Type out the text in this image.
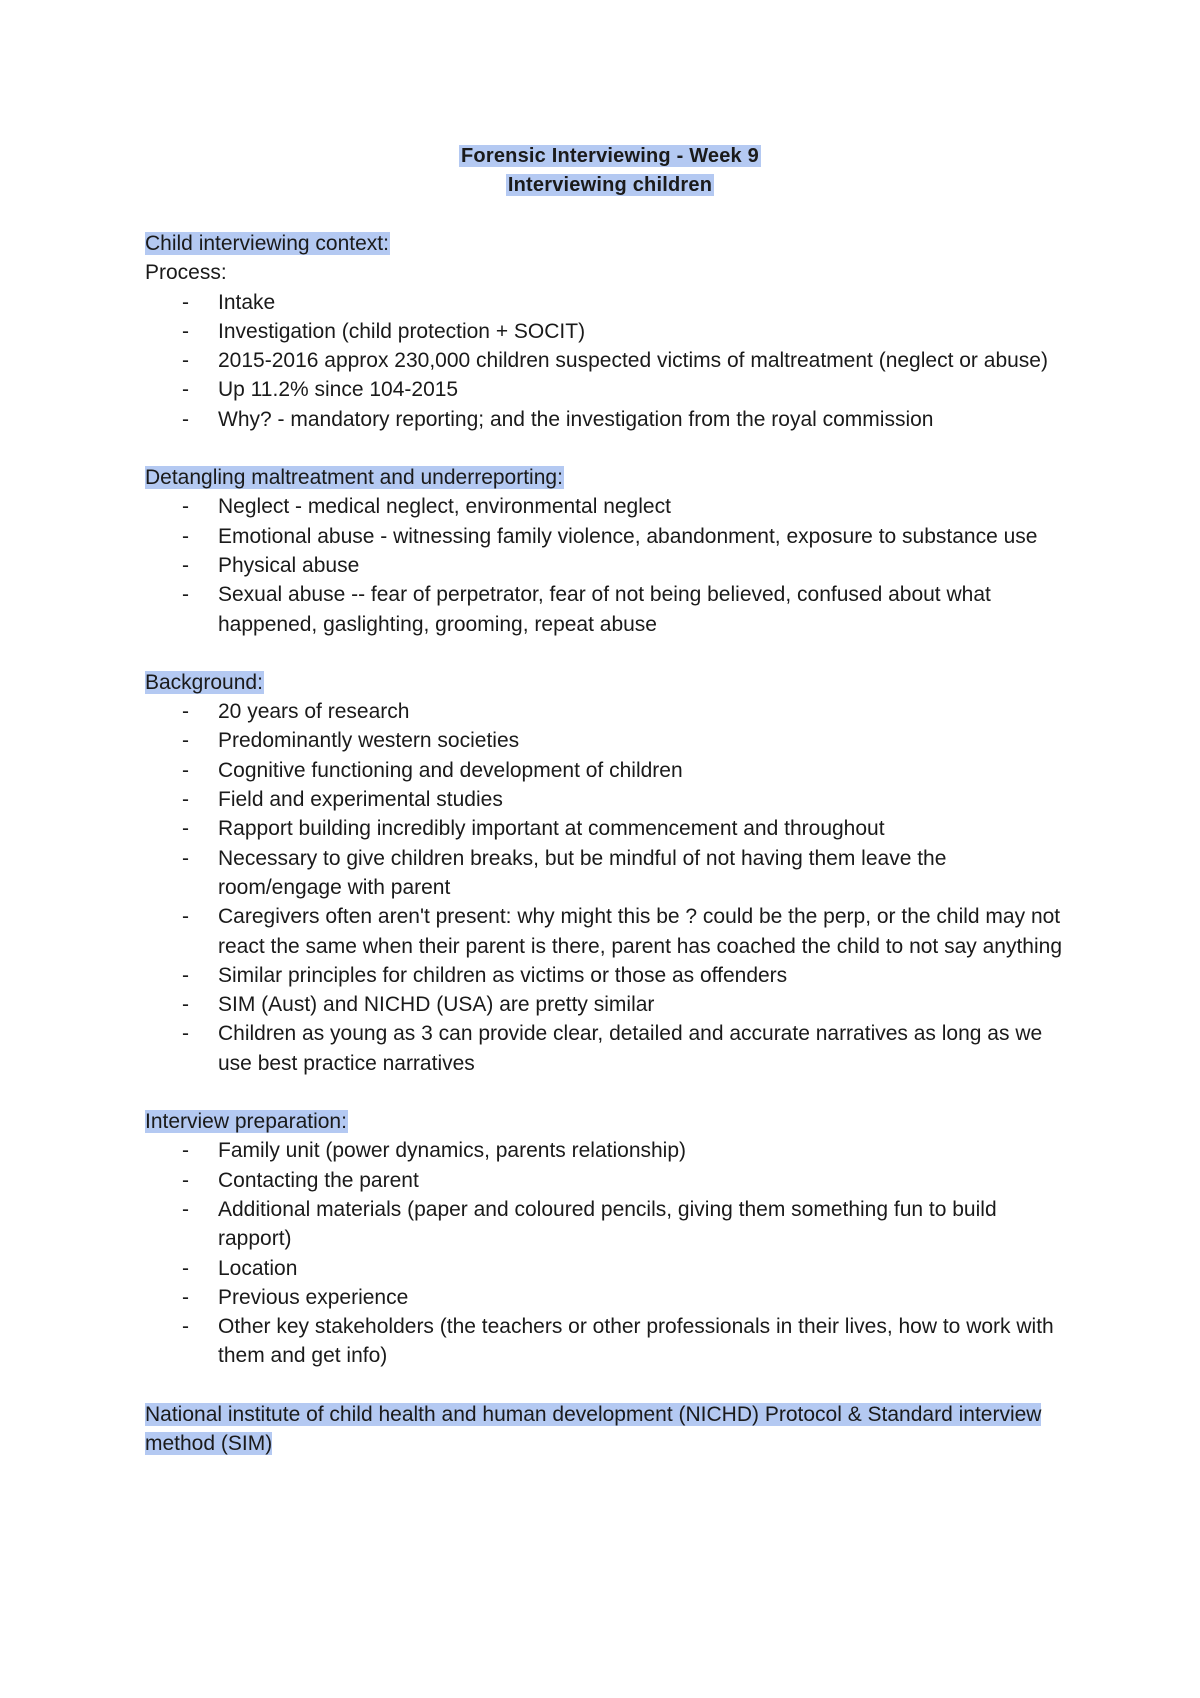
Forensic Interviewing - Week 9
Interviewing children
Child interviewing context:
Process:
- Intake
- Investigation (child protection + SOCIT)
- 2015-2016 approx 230,000 children suspected victims of maltreatment (neglect or abuse)
- Up 11.2% since 104-2015
- Why? - mandatory reporting; and the investigation from the royal commission
Detangling maltreatment and underreporting:
- Neglect - medical neglect, environmental neglect
- Emotional abuse - witnessing family violence, abandonment, exposure to substance use
- Physical abuse
- Sexual abuse -- fear of perpetrator, fear of not being believed, confused about what happened, gaslighting, grooming, repeat abuse
Background:
- 20 years of research
- Predominantly western societies
- Cognitive functioning and development of children
- Field and experimental studies
- Rapport building incredibly important at commencement and throughout
- Necessary to give children breaks, but be mindful of not having them leave the room/engage with parent
- Caregivers often aren't present: why might this be ? could be the perp, or the child may not react the same when their parent is there, parent has coached the child to not say anything
- Similar principles for children as victims or those as offenders
- SIM (Aust) and NICHD (USA) are pretty similar
- Children as young as 3 can provide clear, detailed and accurate narratives as long as we use best practice narratives
Interview preparation:
- Family unit (power dynamics, parents relationship)
- Contacting the parent
- Additional materials (paper and coloured pencils, giving them something fun to build rapport)
- Location
- Previous experience
- Other key stakeholders (the teachers or other professionals in their lives, how to work with them and get info)
National institute of child health and human development (NICHD) Protocol & Standard interview method (SIM)
